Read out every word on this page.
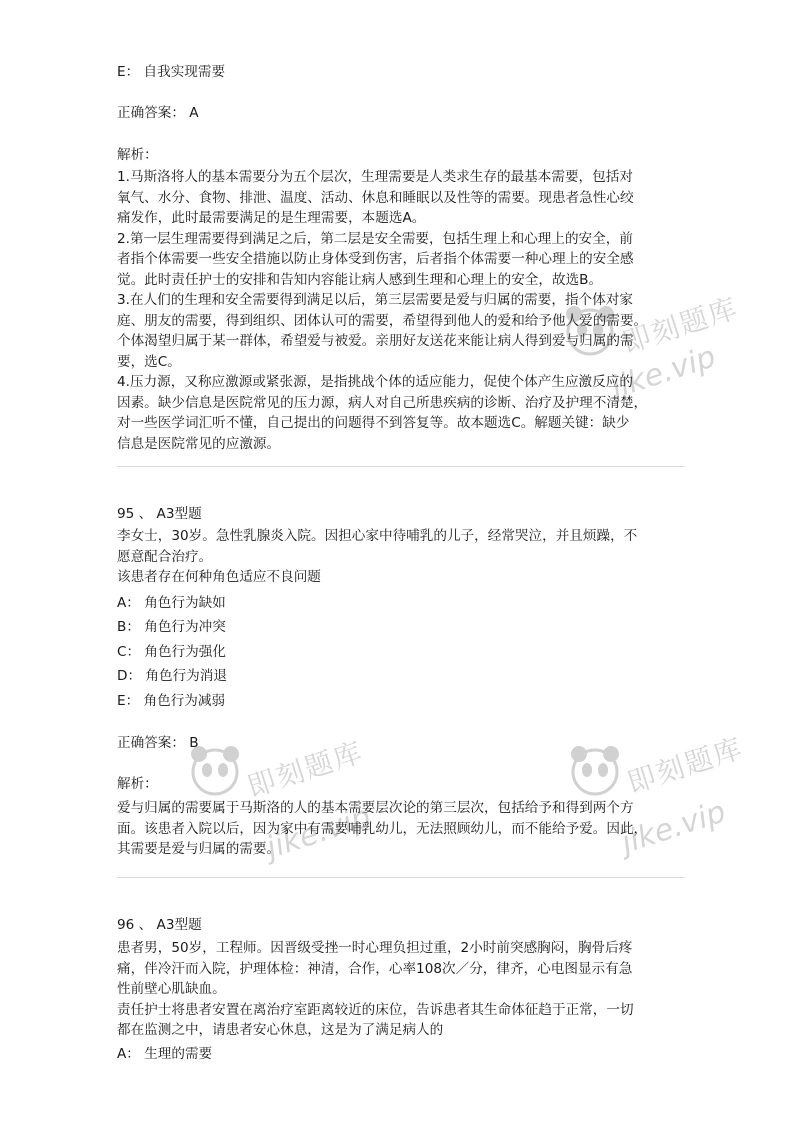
即刻题库
jike.vip
即刻题库
jike.vip
即刻题库
jike.vip
E： 自我实现需要
正确答案： A
解析：
1.马斯洛将人的基本需要分为五个层次，生理需要是人类求生存的最基本需要，包括对
氧气、水分、食物、排泄、温度、活动、休息和睡眠以及性等的需要。现患者急性心绞
痛发作，此时最需要满足的是生理需要，本题选A。
2.第一层生理需要得到满足之后，第二层是安全需要，包括生理上和心理上的安全，前
者指个体需要一些安全措施以防止身体受到伤害，后者指个体需要一种心理上的安全感
觉。此时责任护士的安排和告知内容能让病人感到生理和心理上的安全，故选B。
3.在人们的生理和安全需要得到满足以后，第三层需要是爱与归属的需要，指个体对家
庭、朋友的需要，得到组织、团体认可的需要，希望得到他人的爱和给予他人爱的需要。
个体渴望归属于某一群体，希望爱与被爱。亲朋好友送花来能让病人得到爱与归属的需
要，选C。
4.压力源，又称应激源或紧张源，是指挑战个体的适应能力，促使个体产生应激反应的
因素。缺少信息是医院常见的压力源，病人对自己所患疾病的诊断、治疗及护理不清楚，
对一些医学词汇听不懂，自己提出的问题得不到答复等。故本题选C。解题关键：缺少
信息是医院常见的应激源。
95 、 A3型题
李女士，30岁。急性乳腺炎入院。因担心家中待哺乳的儿子，经常哭泣，并且烦躁，不
愿意配合治疗。
该患者存在何种角色适应不良问题
A： 角色行为缺如
B： 角色行为冲突
C： 角色行为强化
D： 角色行为消退
E： 角色行为减弱
正确答案： B
解析：
爱与归属的需要属于马斯洛的人的基本需要层次论的第三层次，包括给予和得到两个方
面。该患者入院以后，因为家中有需要哺乳幼儿，无法照顾幼儿，而不能给予爱。因此，
其需要是爱与归属的需要。
96 、 A3型题
患者男，50岁，工程师。因晋级受挫一时心理负担过重，2小时前突感胸闷，胸骨后疼
痛，伴冷汗而入院，护理体检：神清，合作，心率108次／分，律齐，心电图显示有急
性前壁心肌缺血。
责任护士将患者安置在离治疗室距离较近的床位，告诉患者其生命体征趋于正常，一切
都在监测之中，请患者安心休息，这是为了满足病人的
A： 生理的需要
